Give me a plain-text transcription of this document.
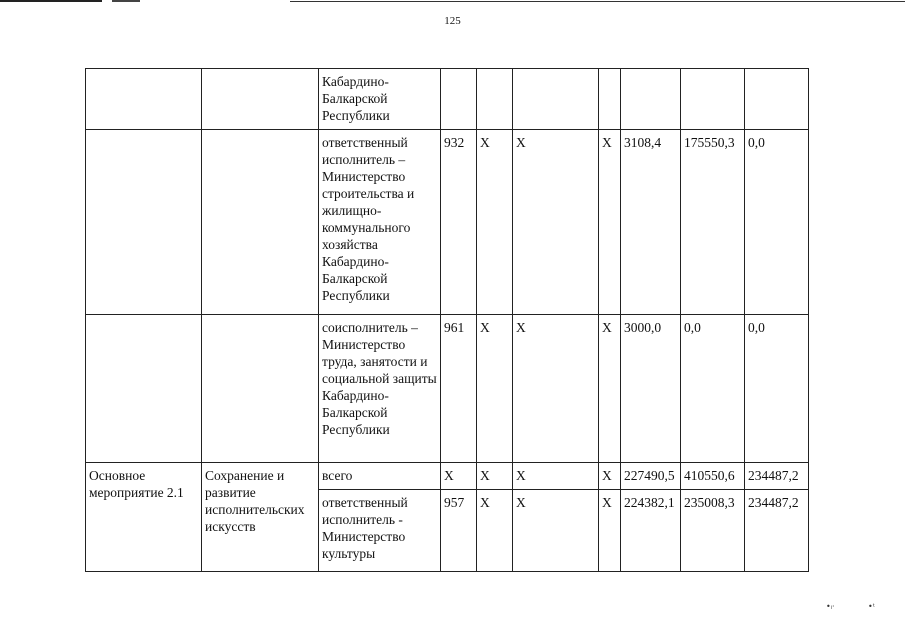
125
		Кабардино-Балкарской Республики							
		ответственный исполнитель – Министерство строительства и жилищно-коммунального хозяйства Кабардино-Балкарской Республики	932	X	X	X	3108,4	175550,3	0,0
		соисполнитель – Министерство труда, занятости и социальной защиты Кабардино-Балкарской Республики	961	X	X	X	3000,0	0,0	0,0
Основное мероприятие 2.1	Сохранение и развитие исполнительских искусств	всего	X	X	X	X	227490,5	410550,6	234487,2
		ответственный исполнитель - Министерство культуры	957	X	X	X	224382,1	235008,3	234487,2
•ₗ·	•ᵗ
